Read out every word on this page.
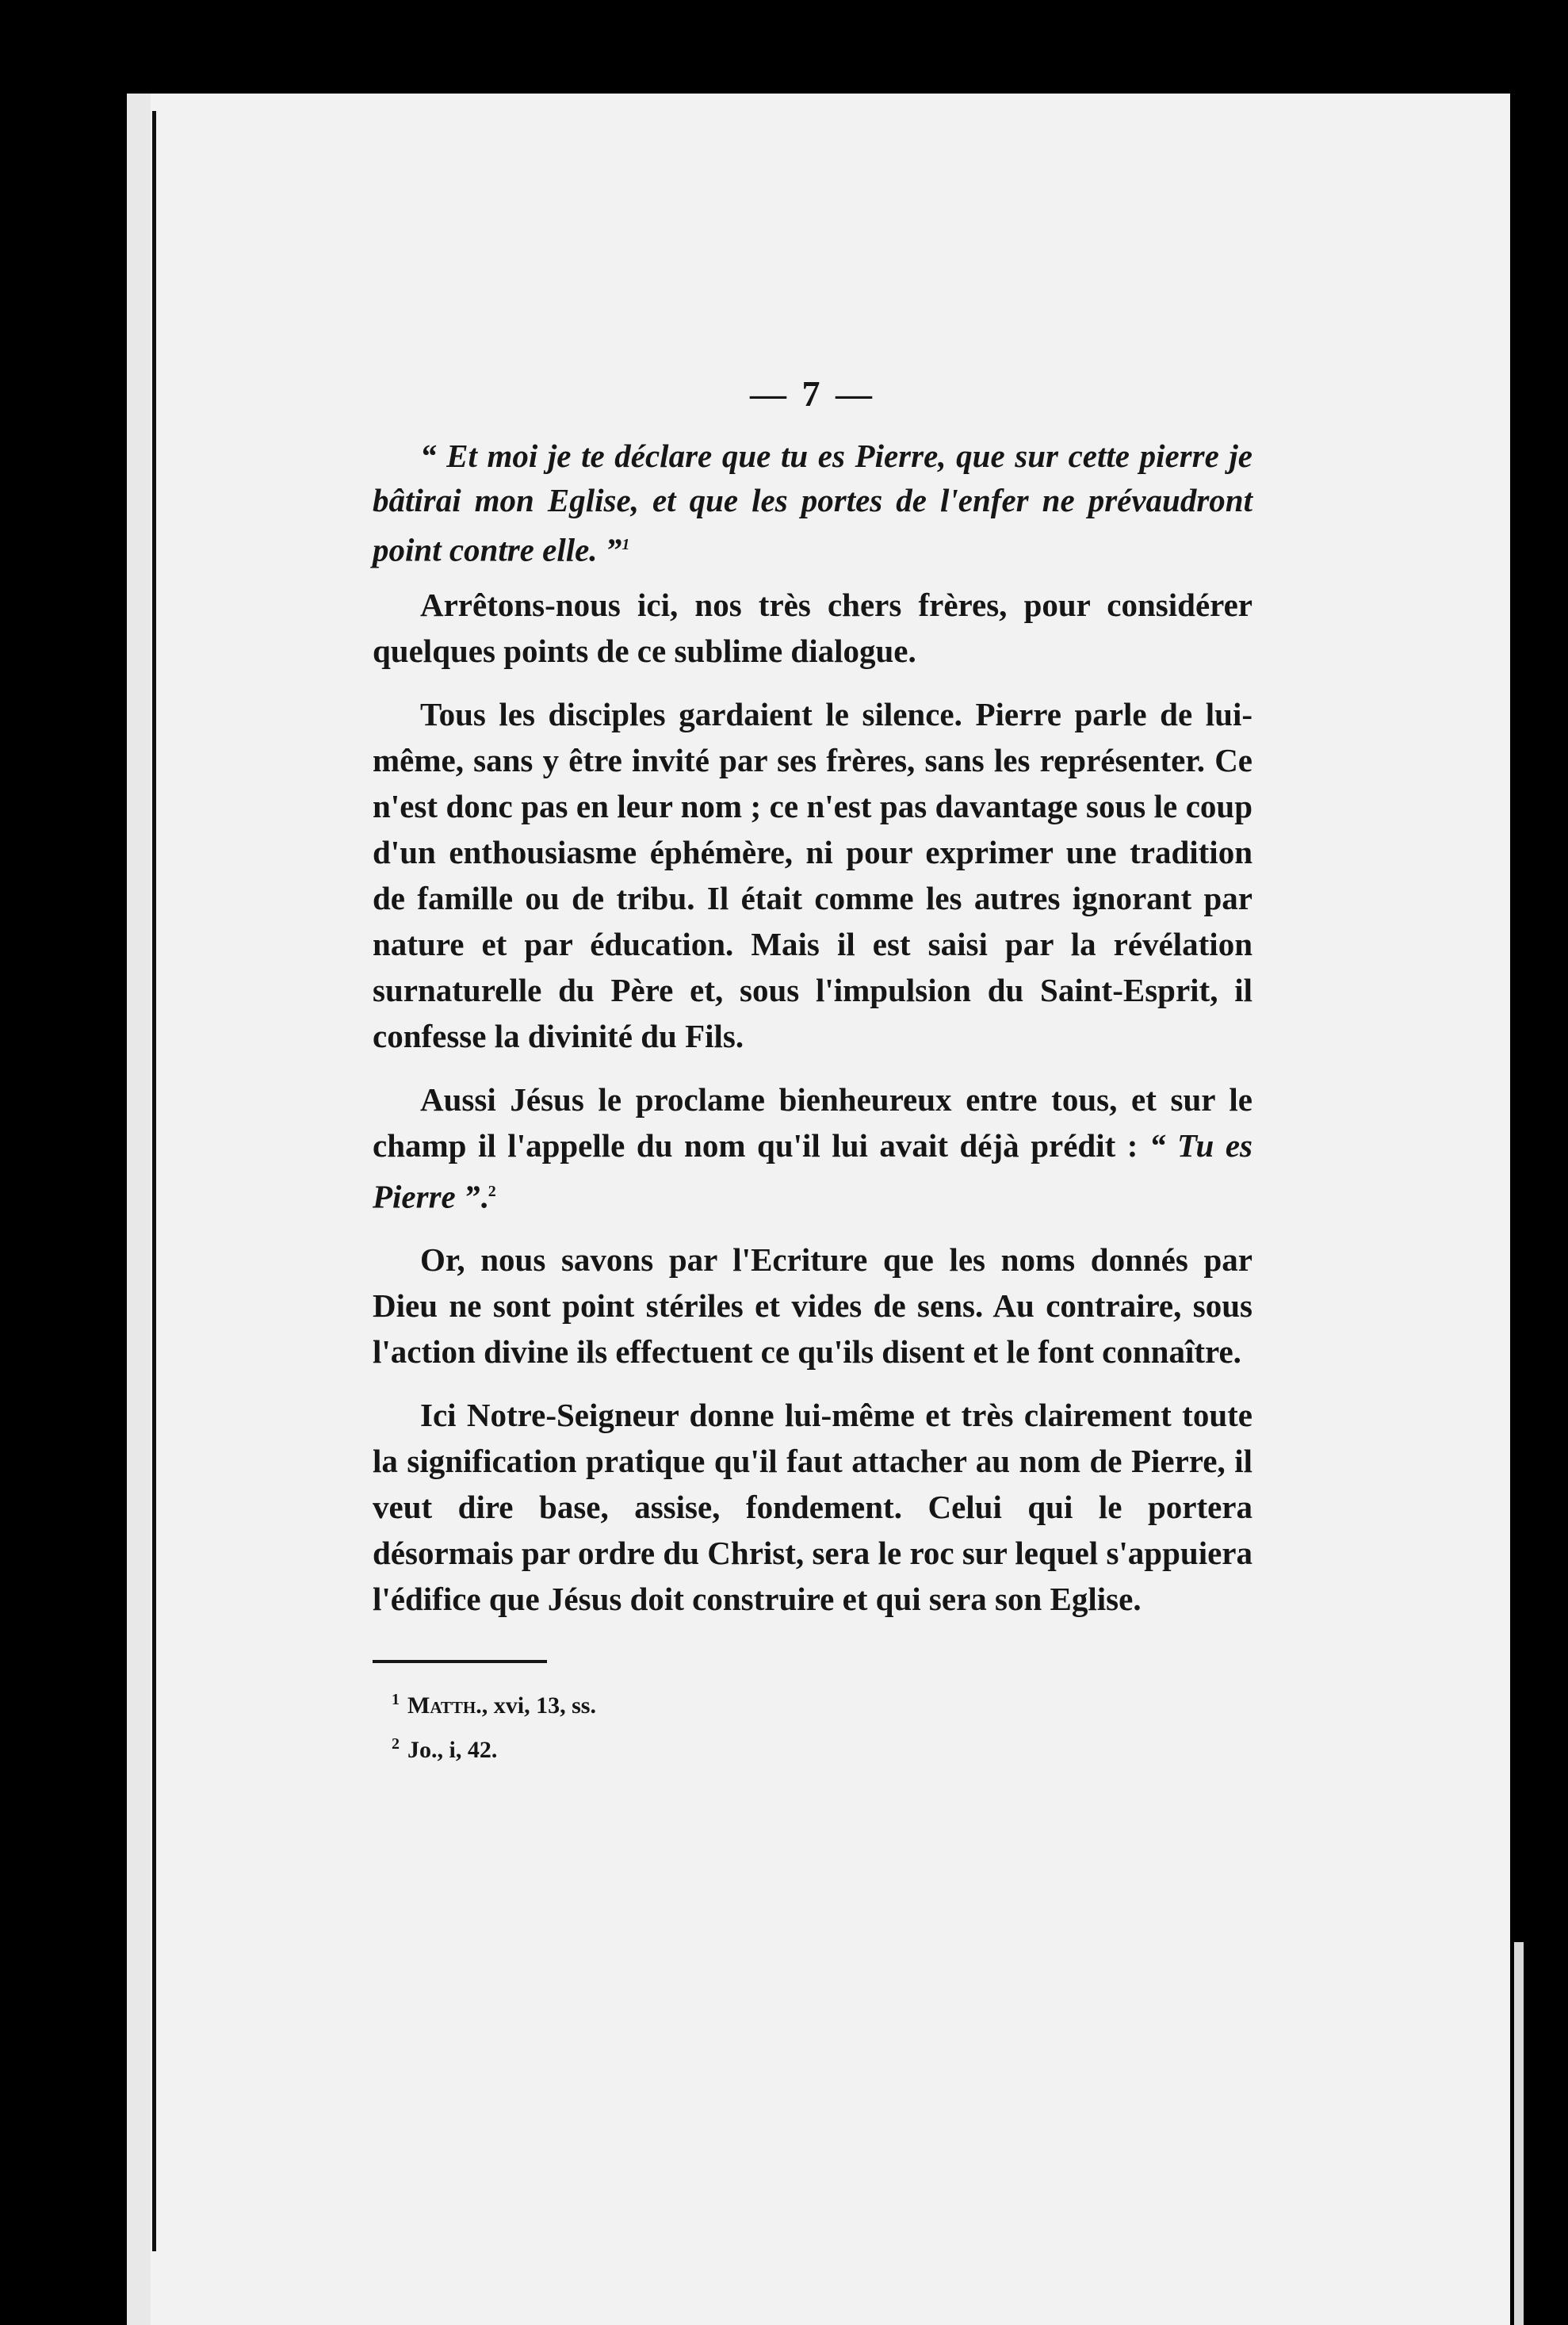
— 7 —

“ Et moi je te déclare que tu es Pierre, que sur cette pierre je bâtirai mon Eglise, et que les portes de l'enfer ne prévaudront point contre elle. ”$^1$

Arrêtons-nous ici, nos très chers frères, pour considérer quelques points de ce sublime dialogue.

Tous les disciples gardaient le silence. Pierre parle de lui-même, sans y être invité par ses frères, sans les représenter. Ce n'est donc pas en leur nom ; ce n'est pas davantage sous le coup d'un enthousiasme éphémère, ni pour exprimer une tradition de famille ou de tribu. Il était comme les autres ignorant par nature et par éducation. Mais il est saisi par la révélation surnaturelle du Père et, sous l'impulsion du Saint-Esprit, il confesse la divinité du Fils.

Aussi Jésus le proclame bienheureux entre tous, et sur le champ il l'appelle du nom qu'il lui avait déjà prédit : “ Tu es Pierre ”.$^2$

Or, nous savons par l'Ecriture que les noms donnés par Dieu ne sont point stériles et vides de sens. Au contraire, sous l'action divine ils effectuent ce qu'ils disent et le font connaître.

Ici Notre-Seigneur donne lui-même et très clairement toute la signification pratique qu'il faut attacher au nom de Pierre, il veut dire base, assise, fondement. Celui qui le portera désormais par ordre du Christ, sera le roc sur lequel s'appuiera l'édifice que Jésus doit construire et qui sera son Eglise.

$^1$ Matth., xvi, 13, ss.
$^2$ Jo., i, 42.
